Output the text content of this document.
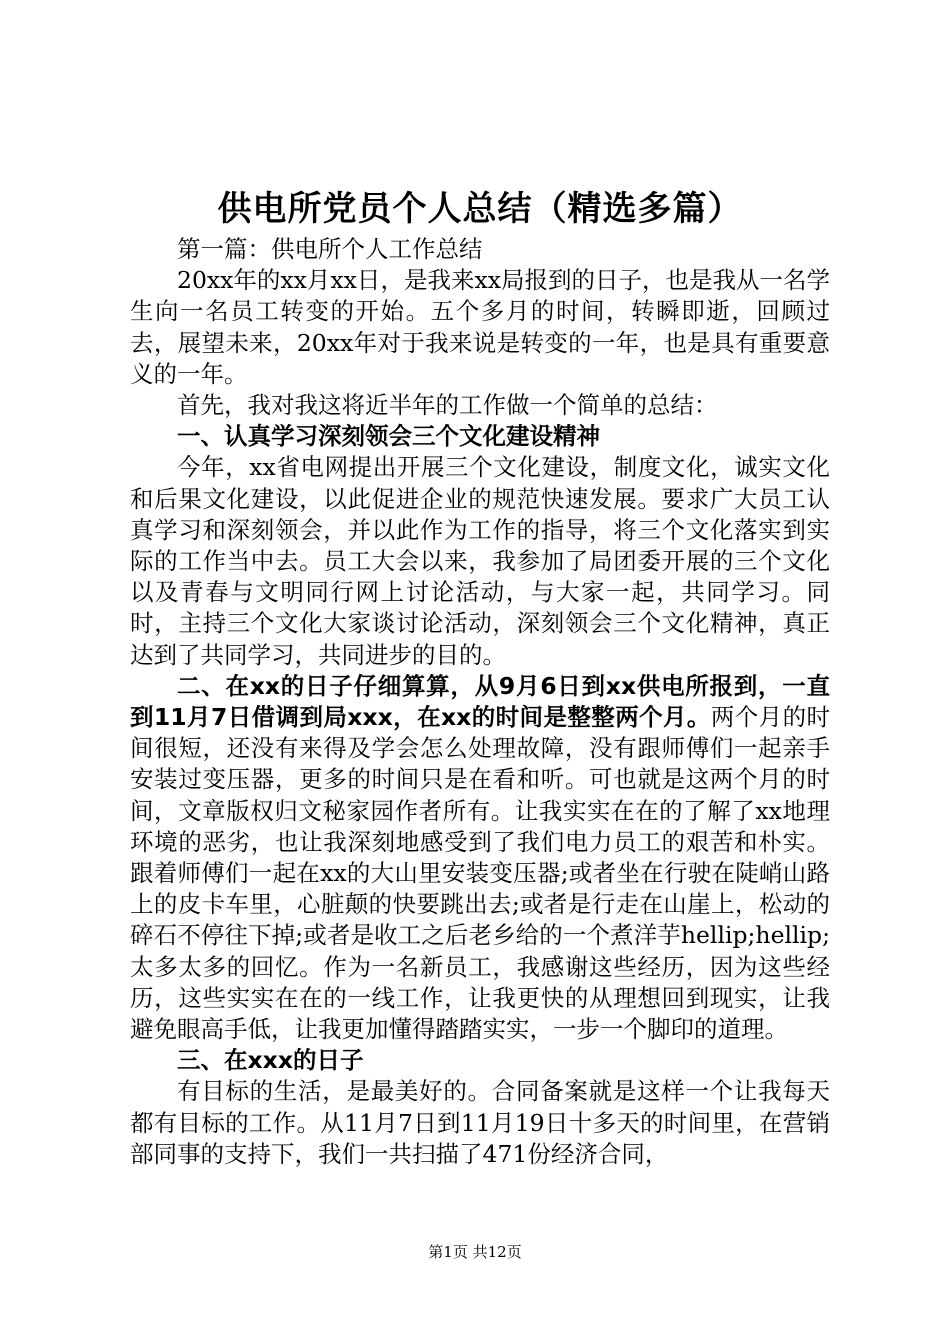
供电所党员个人总结（精选多篇）

第一篇：供电所个人工作总结

20xx年的xx月xx日，是我来xx局报到的日子，也是我从一名学生向一名员工转变的开始。五个多月的时间，转瞬即逝，回顾过去，展望未来，20xx年对于我来说是转变的一年，也是具有重要意义的一年。

首先，我对我这将近半年的工作做一个简单的总结：

一、认真学习深刻领会三个文化建设精神

今年，xx省电网提出开展三个文化建设，制度文化，诚实文化和后果文化建设，以此促进企业的规范快速发展。要求广大员工认真学习和深刻领会，并以此作为工作的指导，将三个文化落实到实际的工作当中去。员工大会以来，我参加了局团委开展的三个文化以及青春与文明同行网上讨论活动，与大家一起，共同学习。同时，主持三个文化大家谈讨论活动，深刻领会三个文化精神，真正达到了共同学习，共同进步的目的。

二、在xx的日子仔细算算，从9月6日到xx供电所报到，一直到11月7日借调到局xxx，在xx的时间是整整两个月。两个月的时间很短，还没有来得及学会怎么处理故障，没有跟师傅们一起亲手安装过变压器，更多的时间只是在看和听。可也就是这两个月的时间，文章版权归文秘家园作者所有。让我实实在在的了解了xx地理环境的恶劣，也让我深刻地感受到了我们电力员工的艰苦和朴实。跟着师傅们一起在xx的大山里安装变压器;或者坐在行驶在陡峭山路上的皮卡车里，心脏颠的快要跳出去;或者是行走在山崖上，松动的碎石不停往下掉;或者是收工之后老乡给的一个煮洋芋hellip;hellip;太多太多的回忆。作为一名新员工，我感谢这些经历，因为这些经历，这些实实在在的一线工作，让我更快的从理想回到现实，让我避免眼高手低，让我更加懂得踏踏实实，一步一个脚印的道理。

三、在xxx的日子

有目标的生活，是最美好的。合同备案就是这样一个让我每天都有目标的工作。从11月7日到11月19日十多天的时间里，在营销部同事的支持下，我们一共扫描了471份经济合同，

第1页 共12页
